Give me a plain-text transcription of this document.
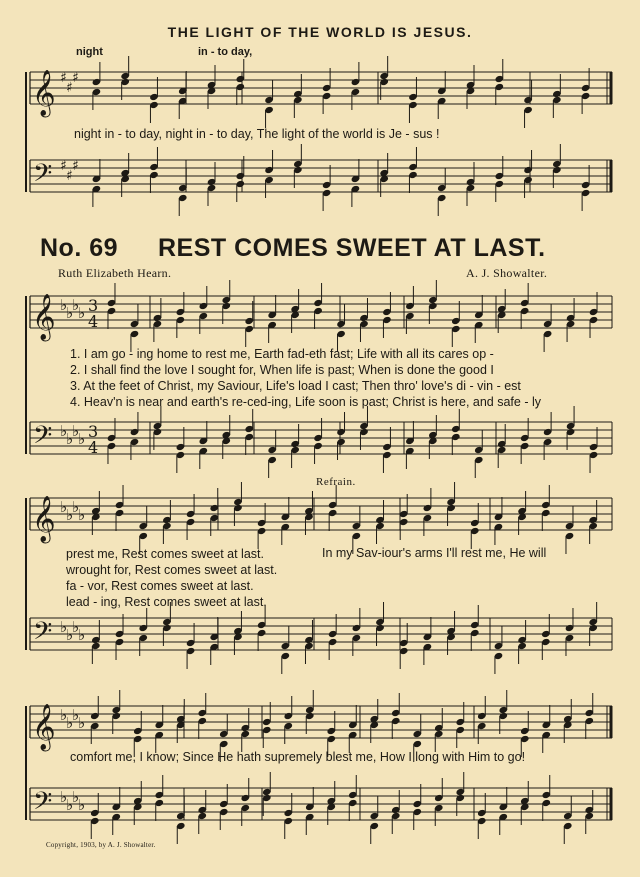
THE LIGHT OF THE WORLD IS JESUS.
night	in - to day,
night in - to day, night in - to day, The light of the world is Je - sus !
No. 69 REST COMES SWEET AT LAST.
Ruth Elizabeth Hearn.	A. J. Showalter.
1. I am go - ing home to rest me, Earth fad-eth fast; Life with all its cares op -
2. I shall find the love I sought for, When life is past; When is done the good I
3. At the feet of Christ, my Saviour, Life's load I cast; Then thro' love's di - vin - est
4. Heav'n is near and earth's re-ced-ing, Life soon is past; Christ is here, and safe - ly
Refrain.
prest me, Rest comes sweet at last.
wrought for, Rest comes sweet at last.
fa - vor, Rest comes sweet at last.
lead - ing, Rest comes sweet at last.
In my Sav-iour's arms I'll rest me, He will
comfort me, I know; Since He hath supremely blest me, How I long with Him to go!
Copyright, 1903, by A. J. Showalter.
𝄞 ♯
♯
♯
𝄢 ♯
♯
♯
𝄞 ♭
♭
♭
♭ 3
4
𝄢 ♭
♭
♭
♭ 3
4
𝄞 ♭
♭
♭
♭
𝄢 ♭
♭
♭
♭
𝄞 ♭
♭
♭
♭
𝄢 ♭
♭
♭
♭
